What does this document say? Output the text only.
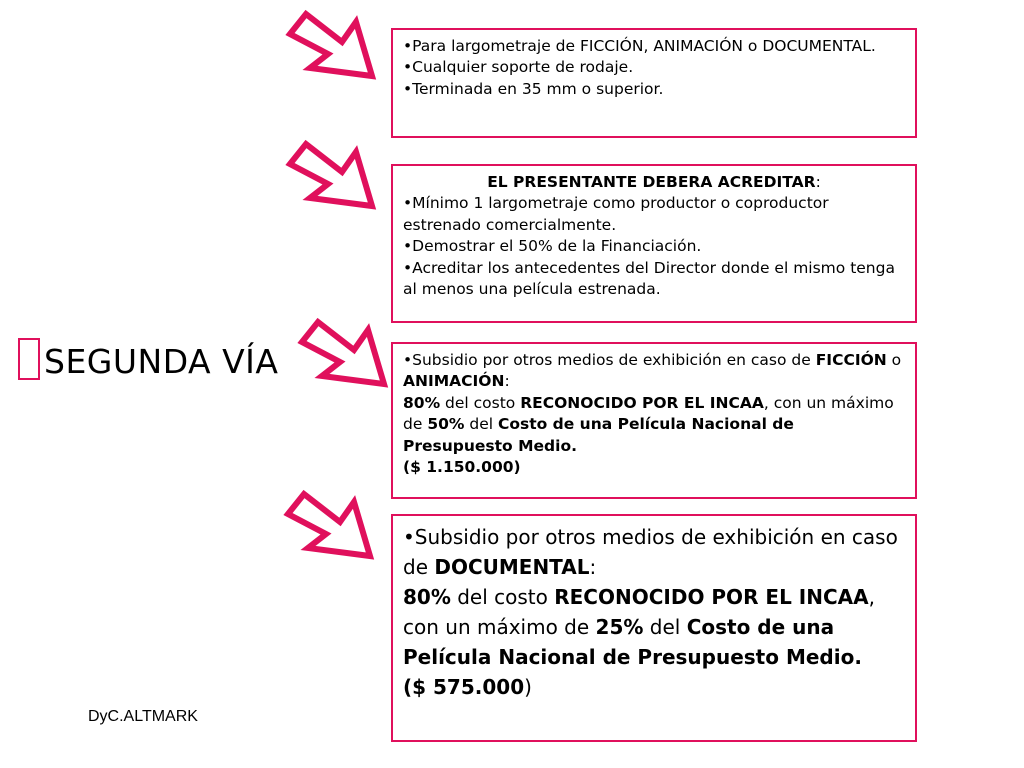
SEGUNDA VÍA

•Para largometraje de FICCIÓN, ANIMACIÓN o DOCUMENTAL.

•Cualquier soporte de rodaje.

•Terminada en 35 mm o superior.

EL PRESENTANTE DEBERA ACREDITAR:

•Mínimo 1 largometraje como productor o coproductor estrenado comercialmente.

•Demostrar el 50% de la Financiación.

•Acreditar los antecedentes del Director donde el mismo tenga al menos una película estrenada.

•Subsidio por otros medios de exhibición en caso de FICCIÓN o ANIMACIÓN:
80% del costo RECONOCIDO POR EL INCAA, con un máximo de 50% del Costo de una Película Nacional de Presupuesto Medio.
($ 1.150.000)

•Subsidio por otros medios de exhibición en caso de DOCUMENTAL:
80% del costo RECONOCIDO POR EL INCAA, con un máximo de 25% del Costo de una Película Nacional de Presupuesto Medio.
($ 575.000)

DyC.ALTMARK
